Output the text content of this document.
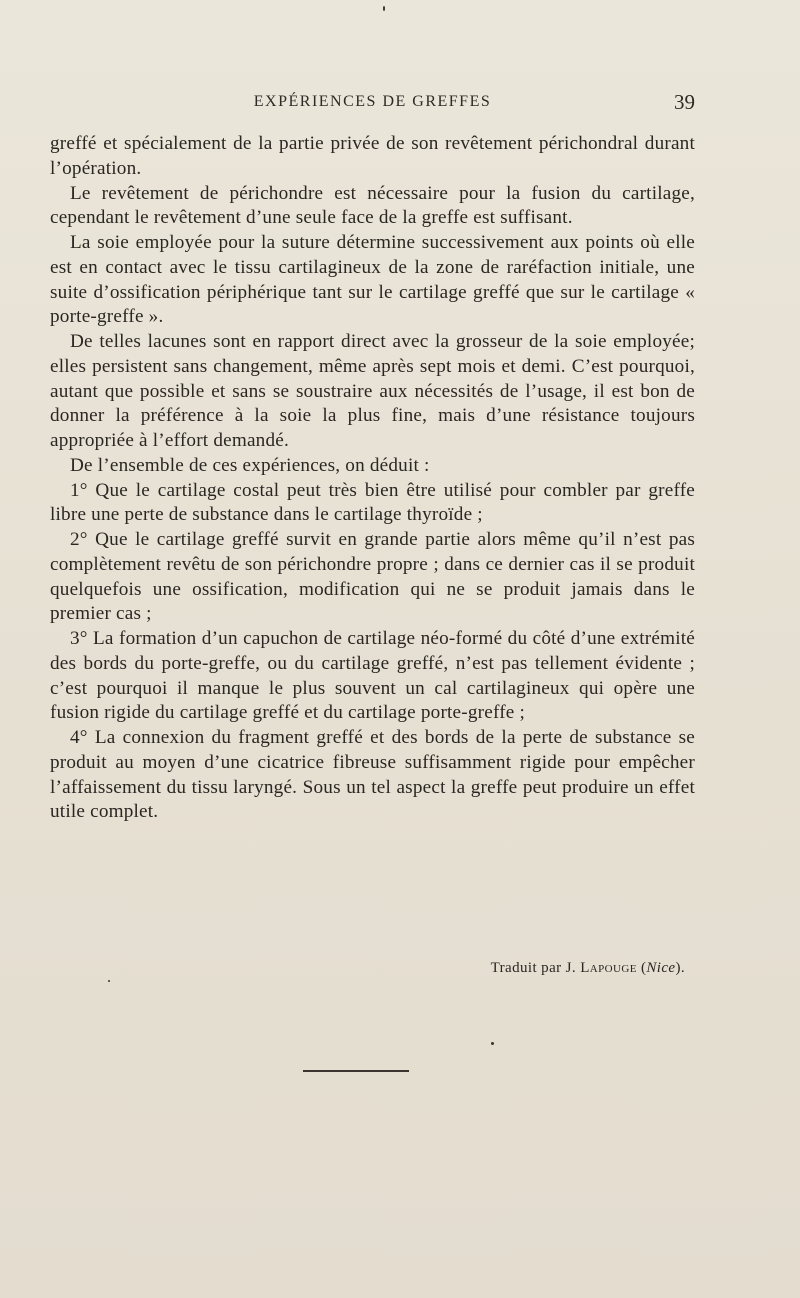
EXPÉRIENCES DE GREFFES	39

greffé et spécialement de la partie privée de son revêtement périchondral durant l’opération.

Le revêtement de périchondre est nécessaire pour la fusion du cartilage, cependant le revêtement d’une seule face de la greffe est suffisant.

La soie employée pour la suture détermine successivement aux points où elle est en contact avec le tissu cartilagineux de la zone de raréfaction initiale, une suite d’ossification périphérique tant sur le cartilage greffé que sur le cartilage « porte-greffe ».

De telles lacunes sont en rapport direct avec la grosseur de la soie employée; elles persistent sans changement, même après sept mois et demi. C’est pourquoi, autant que possible et sans se soustraire aux nécessités de l’usage, il est bon de donner la préférence à la soie la plus fine, mais d’une résistance toujours appropriée à l’effort demandé.

De l’ensemble de ces expériences, on déduit :

1° Que le cartilage costal peut très bien être utilisé pour combler par greffe libre une perte de substance dans le cartilage thyroïde ;

2° Que le cartilage greffé survit en grande partie alors même qu’il n’est pas complètement revêtu de son périchondre propre ; dans ce dernier cas il se produit quelquefois une ossification, modification qui ne se produit jamais dans le premier cas ;

3° La formation d’un capuchon de cartilage néo-formé du côté d’une extrémité des bords du porte-greffe, ou du cartilage greffé, n’est pas tellement évidente ; c’est pourquoi il manque le plus souvent un cal cartilagineux qui opère une fusion rigide du cartilage greffé et du cartilage porte-greffe ;

4° La connexion du fragment greffé et des bords de la perte de substance se produit au moyen d’une cicatrice fibreuse suffisamment rigide pour empêcher l’affaissement du tissu laryngé. Sous un tel aspect la greffe peut produire un effet utile complet.

Traduit par J. Lapouge (Nice).
